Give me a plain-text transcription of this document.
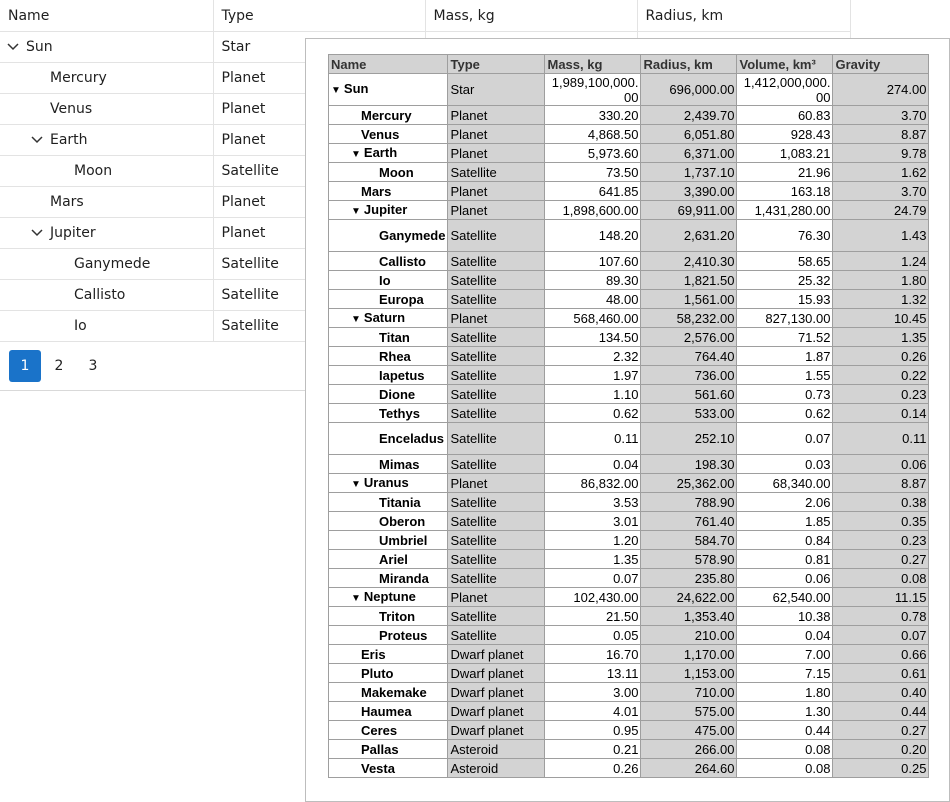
Name	Type	Mass, kg	Radius, km
Sun	Star		
Mercury	Planet		
Venus	Planet		
Earth	Planet		
Moon	Satellite		
Mars	Planet		
Jupiter	Planet		
Ganymede	Satellite		
Callisto	Satellite		
Io	Satellite		
1	2	3
Name	Type	Mass, kg	Radius, km	Volume, km³	Gravity
▼ Sun	Star	1,989,100,000.00	696,000.00	1,412,000,000.00	274.00
Mercury	Planet	330.20	2,439.70	60.83	3.70
Venus	Planet	4,868.50	6,051.80	928.43	8.87
▼ Earth	Planet	5,973.60	6,371.00	1,083.21	9.78
Moon	Satellite	73.50	1,737.10	21.96	1.62
Mars	Planet	641.85	3,390.00	163.18	3.70
▼ Jupiter	Planet	1,898,600.00	69,911.00	1,431,280.00	24.79
Ganymede	Satellite	148.20	2,631.20	76.30	1.43
Callisto	Satellite	107.60	2,410.30	58.65	1.24
Io	Satellite	89.30	1,821.50	25.32	1.80
Europa	Satellite	48.00	1,561.00	15.93	1.32
▼ Saturn	Planet	568,460.00	58,232.00	827,130.00	10.45
Titan	Satellite	134.50	2,576.00	71.52	1.35
Rhea	Satellite	2.32	764.40	1.87	0.26
Iapetus	Satellite	1.97	736.00	1.55	0.22
Dione	Satellite	1.10	561.60	0.73	0.23
Tethys	Satellite	0.62	533.00	0.62	0.14
Enceladus	Satellite	0.11	252.10	0.07	0.11
Mimas	Satellite	0.04	198.30	0.03	0.06
▼ Uranus	Planet	86,832.00	25,362.00	68,340.00	8.87
Titania	Satellite	3.53	788.90	2.06	0.38
Oberon	Satellite	3.01	761.40	1.85	0.35
Umbriel	Satellite	1.20	584.70	0.84	0.23
Ariel	Satellite	1.35	578.90	0.81	0.27
Miranda	Satellite	0.07	235.80	0.06	0.08
▼ Neptune	Planet	102,430.00	24,622.00	62,540.00	11.15
Triton	Satellite	21.50	1,353.40	10.38	0.78
Proteus	Satellite	0.05	210.00	0.04	0.07
Eris	Dwarf planet	16.70	1,170.00	7.00	0.66
Pluto	Dwarf planet	13.11	1,153.00	7.15	0.61
Makemake	Dwarf planet	3.00	710.00	1.80	0.40
Haumea	Dwarf planet	4.01	575.00	1.30	0.44
Ceres	Dwarf planet	0.95	475.00	0.44	0.27
Pallas	Asteroid	0.21	266.00	0.08	0.20
Vesta	Asteroid	0.26	264.60	0.08	0.25
